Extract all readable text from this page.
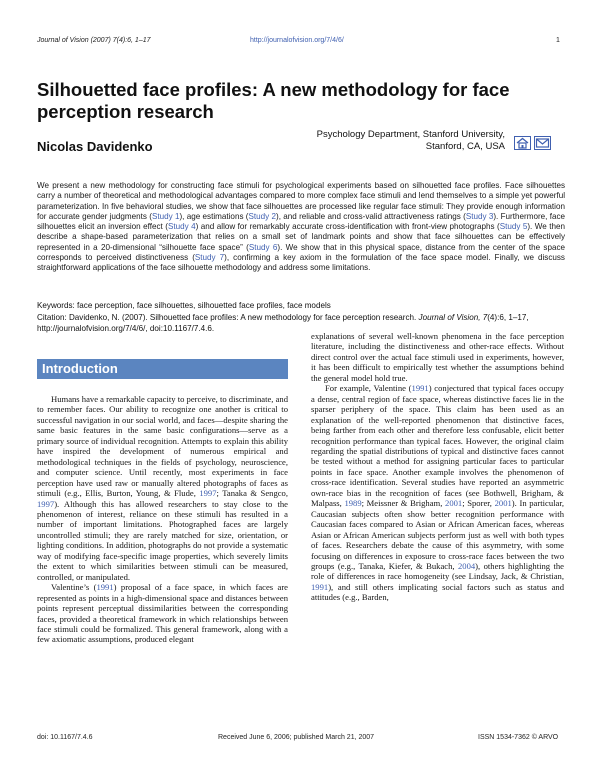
Journal of Vision (2007) 7(4):6, 1–17	http://journalofvision.org/7/4/6/	1
Silhouetted face profiles: A new methodology for face perception research
Nicolas Davidenko
Psychology Department, Stanford University,
Stanford, CA, USA
We present a new methodology for constructing face stimuli for psychological experiments based on silhouetted face profiles. Face silhouettes carry a number of theoretical and methodological advantages compared to more complex face stimuli and lend themselves to a simple yet powerful parameterization. In five behavioral studies, we show that face silhouettes are processed like regular face stimuli: They provide enough information for accurate gender judgments (Study 1), age estimations (Study 2), and reliable and cross-valid attractiveness ratings (Study 3). Furthermore, face silhouettes elicit an inversion effect (Study 4) and allow for remarkably accurate cross-identification with front-view photographs (Study 5). We then describe a shape-based parameterization that relies on a small set of landmark points and show that face silhouettes can be effectively represented in a 20-dimensional “silhouette face space” (Study 6). We show that in this physical space, distance from the center of the space corresponds to perceived distinctiveness (Study 7), confirming a key axiom in the formulation of the face space model. Finally, we discuss straightforward applications of the face silhouette methodology and address some limitations.
Keywords: face perception, face silhouettes, silhouetted face profiles, face models
Citation: Davidenko, N. (2007). Silhouetted face profiles: A new methodology for face perception research. Journal of Vision, 7(4):6, 1–17, http://journalofvision.org/7/4/6/, doi:10.1167/7.4.6.
Introduction

Humans have a remarkable capacity to perceive, to discriminate, and to remember faces. Our ability to recognize one another is critical to successful navigation in our social world, and faces—despite sharing the same basic features in the same basic configurations—serve as a primary source of individual recognition. Attempts to explain this ability have inspired the development of numerous empirical and methodological techniques in the fields of psychology, neuroscience, and computer science. Until recently, most experiments in face perception have used raw or manually altered photographs of faces as stimuli (e.g., Ellis, Burton, Young, & Flude, 1997; Tanaka & Sengco, 1997). Although this has allowed researchers to stay close to the phenomenon of interest, reliance on these stimuli has resulted in a number of important limitations. Photographed faces are largely uncontrolled stimuli; they are rarely matched for size, orientation, or lighting conditions. In addition, photographs do not provide a systematic way of modifying face-specific image properties, which severely limits the extent to which similarities between stimuli can be measured, controlled, or manipulated.

Valentine’s (1991) proposal of a face space, in which faces are represented as points in a high-dimensional space and distances between points represent perceptual dissimilarities between the corresponding faces, provided a theoretical framework in which relationships between face stimuli could be formalized. This general framework, along with a few axiomatic assumptions, produced elegant

explanations of several well-known phenomena in the face perception literature, including the distinctiveness and other-race effects. Without direct control over the actual face stimuli used in experiments, however, it has been difficult to empirically test whether the assumptions behind the general model hold true.

For example, Valentine (1991) conjectured that typical faces occupy a dense, central region of face space, whereas distinctive faces lie in the sparser periphery of the space. This claim has been used as an explanation of the well-reported phenomenon that distinctive faces, being farther from each other and therefore less confusable, elicit better recognition performance than typical faces. However, the original claim regarding the spatial distributions of typical and distinctive faces cannot be tested without a method for assigning particular faces to particular points in face space. Another example involves the phenomenon of cross-race identification. Several studies have reported an asymmetric own-race bias in the recognition of faces (see Bothwell, Brigham, & Malpass, 1989; Meissner & Brigham, 2001; Sporer, 2001). In particular, Caucasian subjects often show better recognition performance with Caucasian faces compared to Asian or African American faces, whereas Asian or African American subjects perform just as well with both types of faces. Researchers debate the cause of this asymmetry, with some focusing on differences in exposure to cross-race faces between the two groups (e.g., Tanaka, Kiefer, & Bukach, 2004), others highlighting the role of differences in race homogeneity (see Lindsay, Jack, & Christian, 1991), and still others implicating social factors such as status and attitudes (e.g., Barden,

doi: 10.1167/7.4.6	Received June 6, 2006; published March 21, 2007	ISSN 1534-7362 © ARVO
